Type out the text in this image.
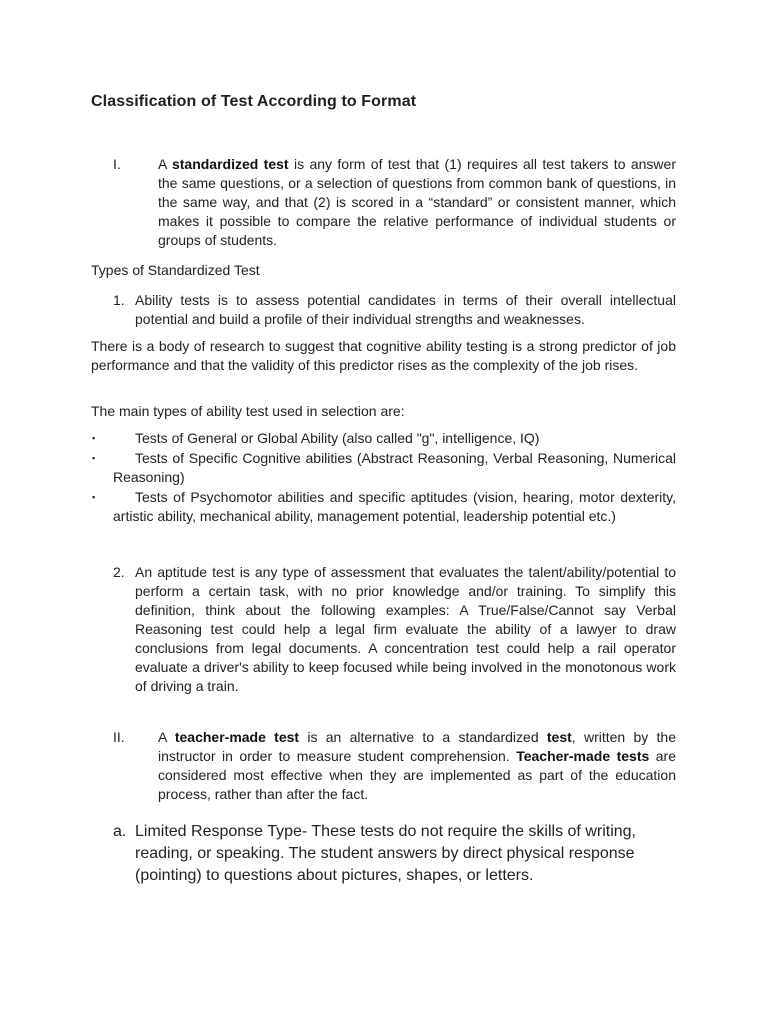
Classification of Test According to Format

I.	A standardized test is any form of test that (1) requires all test takers to answer the same questions, or a selection of questions from common bank of questions, in the same way, and that (2) is scored in a “standard” or consistent manner, which makes it possible to compare the relative performance of individual students or groups of students.

Types of Standardized Test

1. Ability tests is to assess potential candidates in terms of their overall intellectual potential and build a profile of their individual strengths and weaknesses.

There is a body of research to suggest that cognitive ability testing is a strong predictor of job performance and that the validity of this predictor rises as the complexity of the job rises.

The main types of ability test used in selection are:

▪	Tests of General or Global Ability (also called "g", intelligence, IQ)

▪	Tests of Specific Cognitive abilities (Abstract Reasoning, Verbal Reasoning, Numerical Reasoning)

▪	Tests of Psychomotor abilities and specific aptitudes (vision, hearing, motor dexterity, artistic ability, mechanical ability, management potential, leadership potential etc.)

2. An aptitude test is any type of assessment that evaluates the talent/ability/potential to perform a certain task, with no prior knowledge and/or training. To simplify this definition, think about the following examples: A True/False/Cannot say Verbal Reasoning test could help a legal firm evaluate the ability of a lawyer to draw conclusions from legal documents. A concentration test could help a rail operator evaluate a driver's ability to keep focused while being involved in the monotonous work of driving a train.

II. A teacher-made test is an alternative to a standardized test, written by the instructor in order to measure student comprehension. Teacher-made tests are considered most effective when they are implemented as part of the education process, rather than after the fact.

a. Limited Response Type- These tests do not require the skills of writing, reading, or speaking. The student answers by direct physical response (pointing) to questions about pictures, shapes, or letters.
